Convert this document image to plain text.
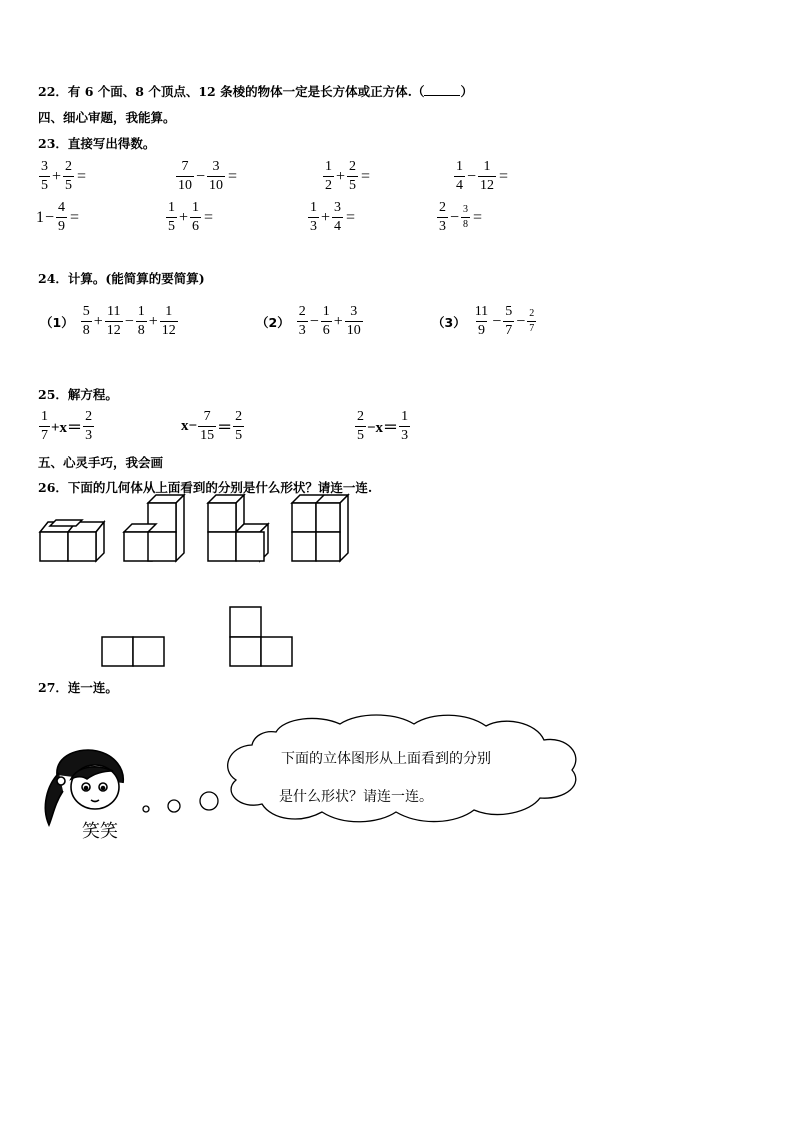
22．有 6 个面、8 个顶点、12 条棱的物体一定是长方体或正方体.（	）
四、细心审题，我能算。
23．直接写出得数。
$\frac{3}{5} + \frac{2}{5}$ =	$\frac{7}{10} - \frac{3}{10}$ =	$\frac{1}{2} + \frac{2}{5}$ =	$\frac{1}{4} - \frac{1}{12}$ =
$1 - \frac{4}{9}$ =	$\frac{1}{5} + \frac{1}{6}$ =	$\frac{1}{3} + \frac{3}{4}$ =	$\frac{2}{3} - \frac{3}{8}$ =
24．计算。(能简算的要简算)
$(1) \frac{5}{8} + \frac{11}{12} - \frac{1}{8} + \frac{1}{12}$	$(2) \frac{2}{3} - \frac{1}{6} + \frac{3}{10}$	$(3) \frac{11}{9} - \frac{5}{7} - \frac{2}{7}$
25．解方程。
$\frac{1}{7} +x= \frac{2}{3}$	$x- \frac{7}{15} = \frac{2}{5}$	$\frac{2}{5} -x= \frac{1}{3}$
五、心灵手巧，我会画
26．下面的几何体从上面看到的分别是什么形状？请连一连.
27．连一连。
笑笑
下面的立体图形从上面看到的分别
是什么形状？请连一连。
